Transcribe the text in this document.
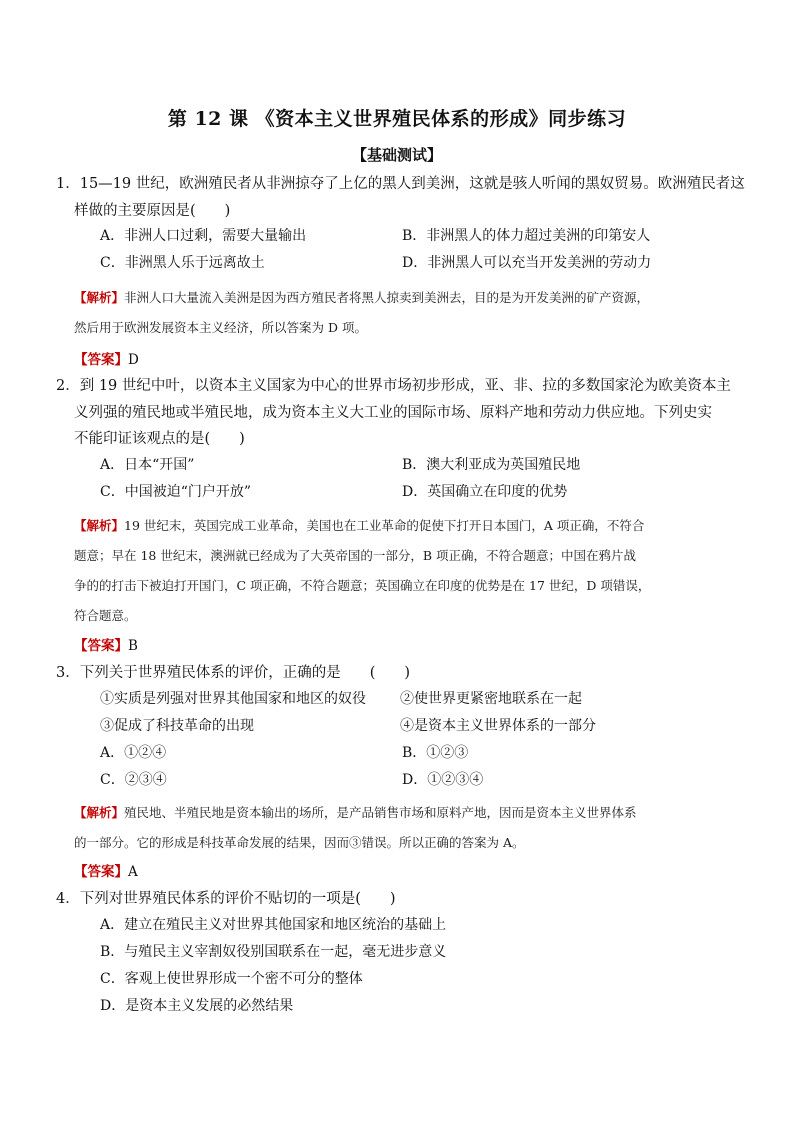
第 12 课 《资本主义世界殖民体系的形成》同步练习
【基础测试】
1．15—19 世纪，欧洲殖民者从非洲掠夺了上亿的黑人到美洲，这就是骇人听闻的黑奴贸易。欧洲殖民者这
样做的主要原因是(　　)
A．非洲人口过剩，需要大量输出	B．非洲黑人的体力超过美洲的印第安人
C．非洲黑人乐于远离故土	D．非洲黑人可以充当开发美洲的劳动力
【解析】非洲人口大量流入美洲是因为西方殖民者将黑人掠卖到美洲去，目的是为开发美洲的矿产资源，
然后用于欧洲发展资本主义经济，所以答案为 D 项。
【答案】D
2．到 19 世纪中叶，以资本主义国家为中心的世界市场初步形成，亚、非、拉的多数国家沦为欧美资本主
义列强的殖民地或半殖民地，成为资本主义大工业的国际市场、原料产地和劳动力供应地。下列史实
不能印证该观点的是(　　)
A．日本“开国”	B．澳大利亚成为英国殖民地
C．中国被迫“门户开放”	D．英国确立在印度的优势
【解析】19 世纪末，英国完成工业革命，美国也在工业革命的促使下打开日本国门，A 项正确，不符合
题意；早在 18 世纪末，澳洲就已经成为了大英帝国的一部分，B 项正确，不符合题意；中国在鸦片战
争的的打击下被迫打开国门，C 项正确，不符合题意；英国确立在印度的优势是在 17 世纪，D 项错误，
符合题意。
【答案】B
3．下列关于世界殖民体系的评价，正确的是　　(　　)
①实质是列强对世界其他国家和地区的奴役 ②使世界更紧密地联系在一起
③促成了科技革命的出现	④是资本主义世界体系的一部分
A．①②④	B．①②③
C．②③④	D．①②③④
【解析】殖民地、半殖民地是资本输出的场所，是产品销售市场和原料产地，因而是资本主义世界体系
的一部分。它的形成是科技革命发展的结果，因而③错误。所以正确的答案为 A。
【答案】A
4．下列对世界殖民体系的评价不贴切的一项是(　　)
A．建立在殖民主义对世界其他国家和地区统治的基础上
B．与殖民主义宰割奴役别国联系在一起，毫无进步意义
C．客观上使世界形成一个密不可分的整体
D．是资本主义发展的必然结果
